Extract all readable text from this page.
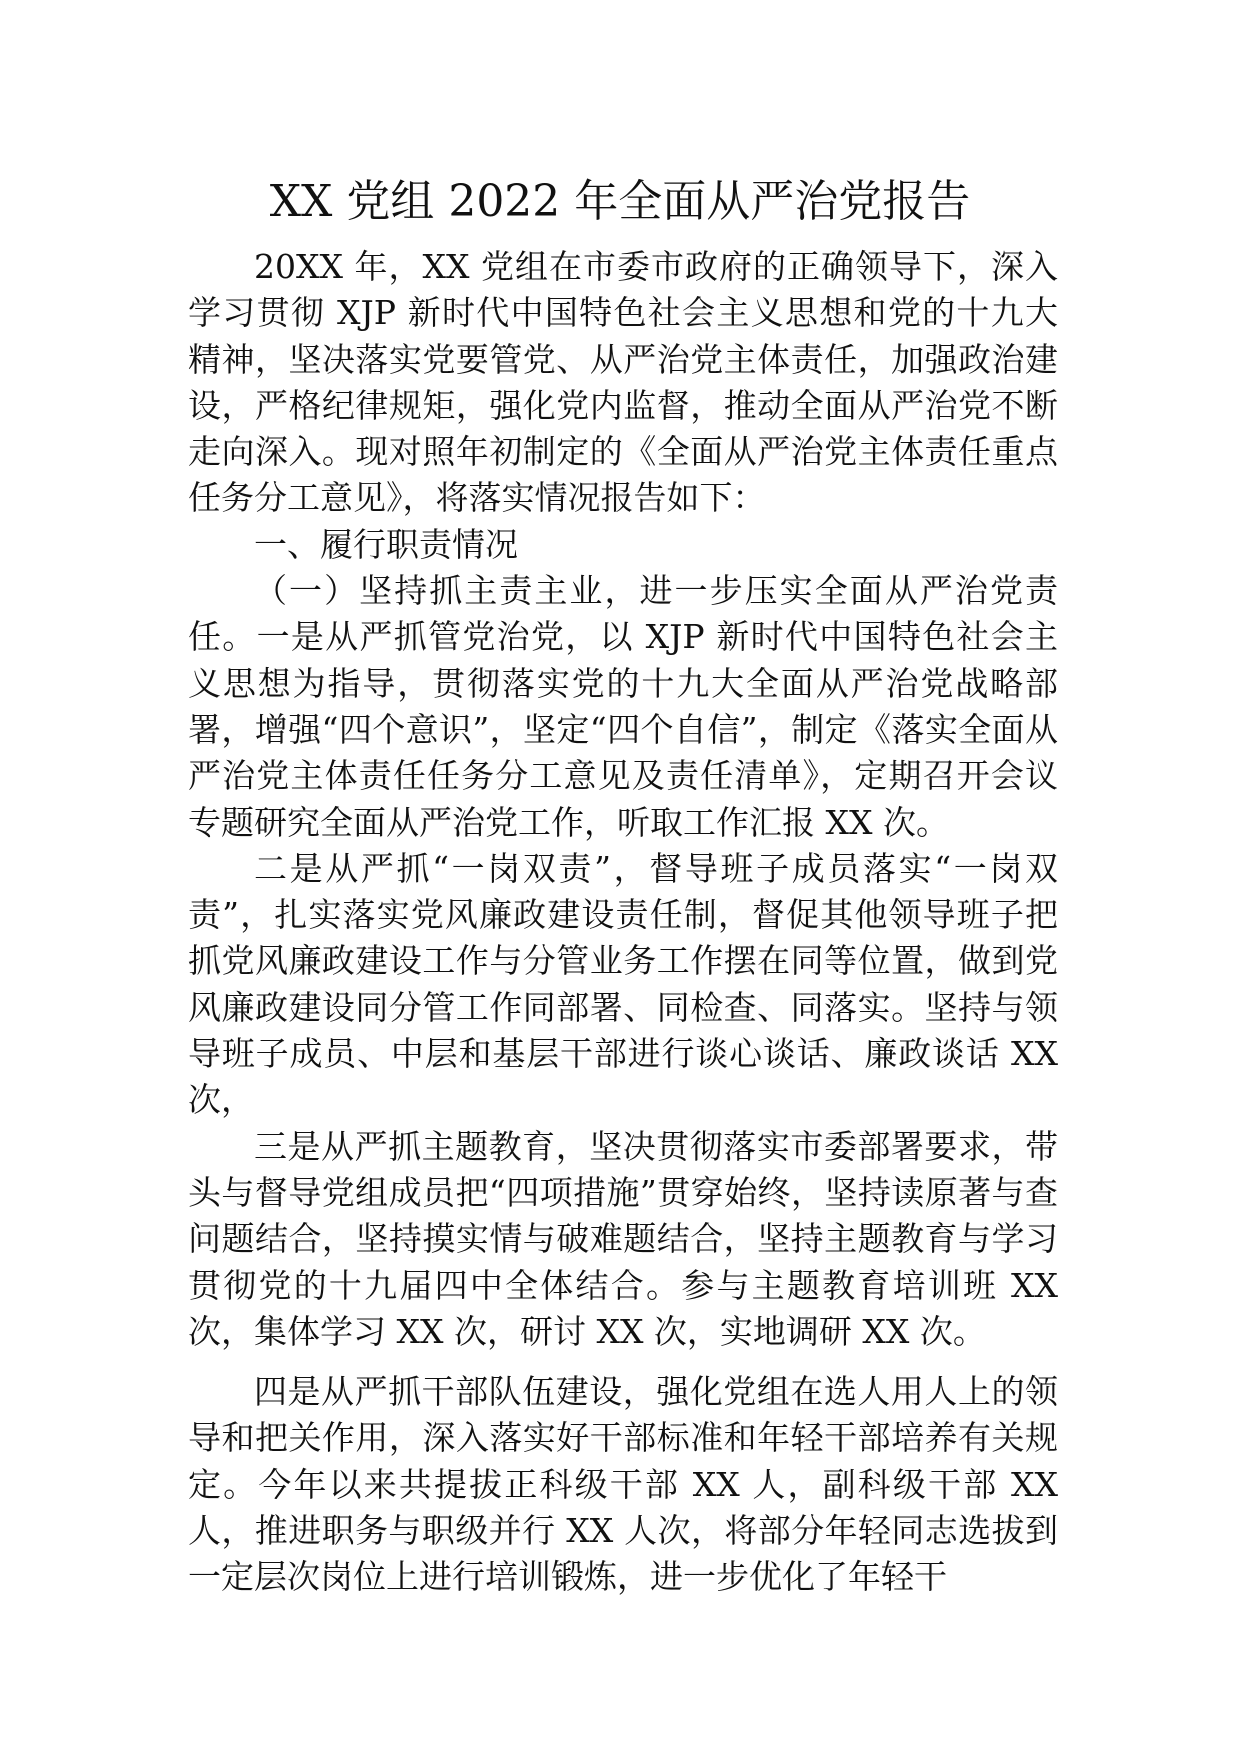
XX 党组 2022 年全面从严治党报告

20XX 年，XX 党组在市委市政府的正确领导下，深入学习贯彻 XJP 新时代中国特色社会主义思想和党的十九大精神，坚决落实党要管党、从严治党主体责任，加强政治建设，严格纪律规矩，强化党内监督，推动全面从严治党不断走向深入。现对照年初制定的《全面从严治党主体责任重点任务分工意见》，将落实情况报告如下：

一、履行职责情况

（一）坚持抓主责主业，进一步压实全面从严治党责任。一是从严抓管党治党，以 XJP 新时代中国特色社会主义思想为指导，贯彻落实党的十九大全面从严治党战略部署，增强“四个意识”，坚定“四个自信”，制定《落实全面从严治党主体责任任务分工意见及责任清单》，定期召开会议专题研究全面从严治党工作，听取工作汇报 XX 次。

二是从严抓“一岗双责”，督导班子成员落实“一岗双责”，扎实落实党风廉政建设责任制，督促其他领导班子把抓党风廉政建设工作与分管业务工作摆在同等位置，做到党风廉政建设同分管工作同部署、同检查、同落实。坚持与领导班子成员、中层和基层干部进行谈心谈话、廉政谈话 XX 次，

三是从严抓主题教育，坚决贯彻落实市委部署要求，带头与督导党组成员把“四项措施”贯穿始终，坚持读原著与查问题结合，坚持摸实情与破难题结合，坚持主题教育与学习贯彻党的十九届四中全体结合。参与主题教育培训班 XX 次，集体学习 XX 次，研讨 XX 次，实地调研 XX 次。

四是从严抓干部队伍建设，强化党组在选人用人上的领导和把关作用，深入落实好干部标准和年轻干部培养有关规定。今年以来共提拔正科级干部 XX 人，副科级干部 XX 人，推进职务与职级并行 XX 人次，将部分年轻同志选拔到一定层次岗位上进行培训锻炼，进一步优化了年轻干
